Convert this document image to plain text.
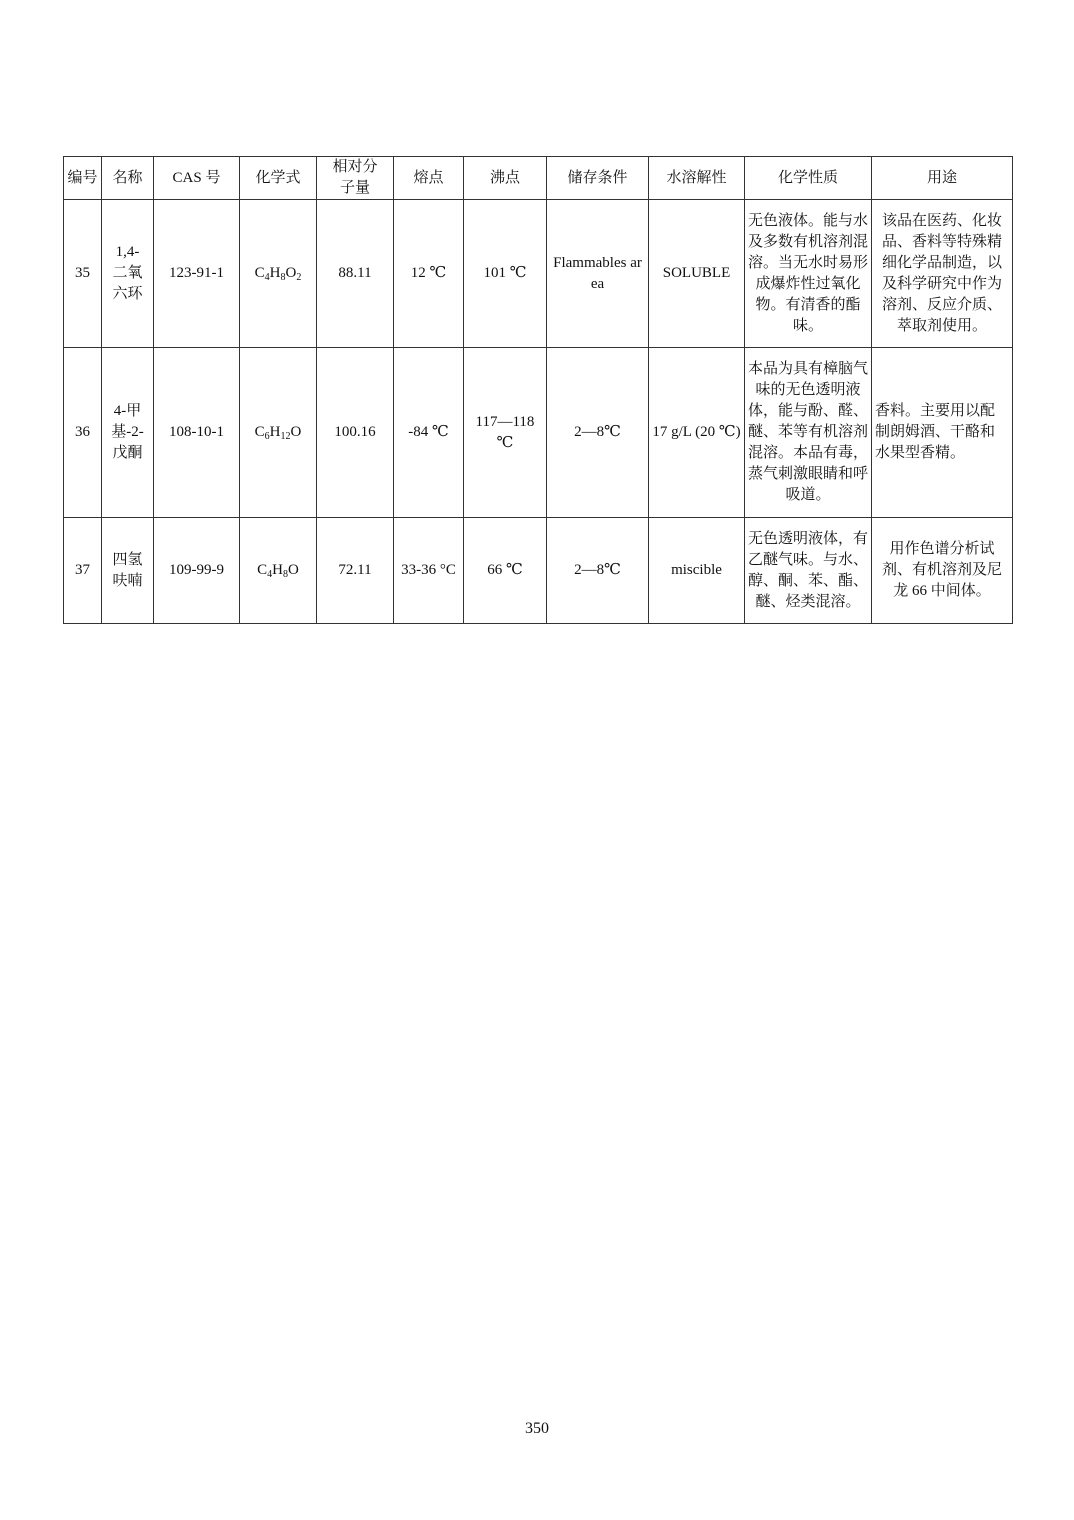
编号	名称	CAS 号	化学式	相对分子量	熔点	沸点	储存条件	水溶解性	化学性质	用途
35	1,4-二氧六环	123-91-1	$C_4H_8O_2$	88.11	12 ℃	101 ℃	Flammables area	SOLUBLE	无色液体。能与水及多数有机溶剂混溶。当无水时易形成爆炸性过氧化物。有清香的酯味。	该品在医药、化妆品、香料等特殊精细化学品制造，以及科学研究中作为溶剂、反应介质、萃取剂使用。
36	4-甲基-2-戊酮	108-10-1	$C_6H_{12}O$	100.16	-84 ℃	117—118 ℃	2—8℃	17 g/L (20 ℃)	本品为具有樟脑气味的无色透明液体，能与酚、醛、醚、苯等有机溶剂混溶。本品有毒，蒸气刺激眼睛和呼吸道。	香料。主要用以配制朗姆酒、干酪和水果型香精。
37	四氢呋喃	109-99-9	$C_4H_8O$	72.11	33-36 °C	66 ℃	2—8℃	miscible	无色透明液体，有乙醚气味。与水、醇、酮、苯、酯、醚、烃类混溶。	用作色谱分析试剂、有机溶剂及尼龙 66 中间体。
350
